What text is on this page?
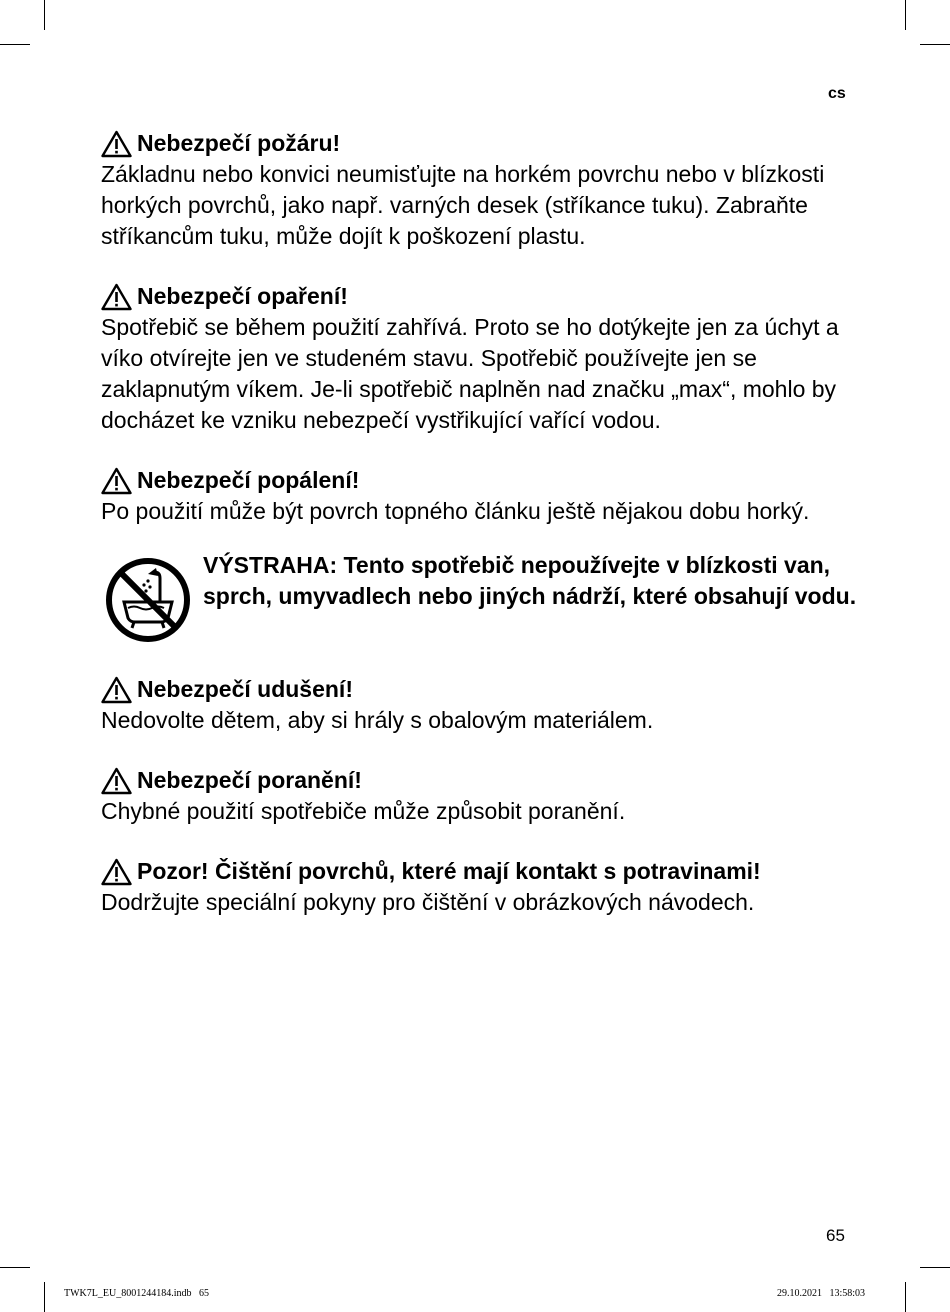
cs
Nebezpečí požáru!

Základnu nebo konvici neumisťujte na horkém povrchu nebo v blízkosti horkých povrchů, jako např. varných desek (stříkance tuku). Zabraňte stříkancům tuku, může dojít k poškození plastu.

Nebezpečí opaření!

Spotřebič se během použití zahřívá. Proto se ho dotýkejte jen za úchyt a víko otvírejte jen ve studeném stavu. Spotřebič používejte jen se zaklapnutým víkem. Je-li spotřebič naplněn nad značku „max“, mohlo by docházet ke vzniku nebezpečí vystřikující vařící vodou.

Nebezpečí popálení!

Po použití může být povrch topného článku ještě nějakou dobu horký.

VÝSTRAHA: Tento spotřebič nepoužívejte v blízkosti van, sprch, umyvadlech nebo jiných nádrží, které obsahují vodu.

Nebezpečí udušení!

Nedovolte dětem, aby si hrály s obalovým materiálem.

Nebezpečí poranění!

Chybné použití spotřebiče může způsobit poranění.

Pozor! Čištění povrchů, které mají kontakt s potravinami!

Dodržujte speciální pokyny pro čištění v obrázkových návodech.

65
TWK7L_EU_8001244184.indb   65	29.10.2021   13:58:03
